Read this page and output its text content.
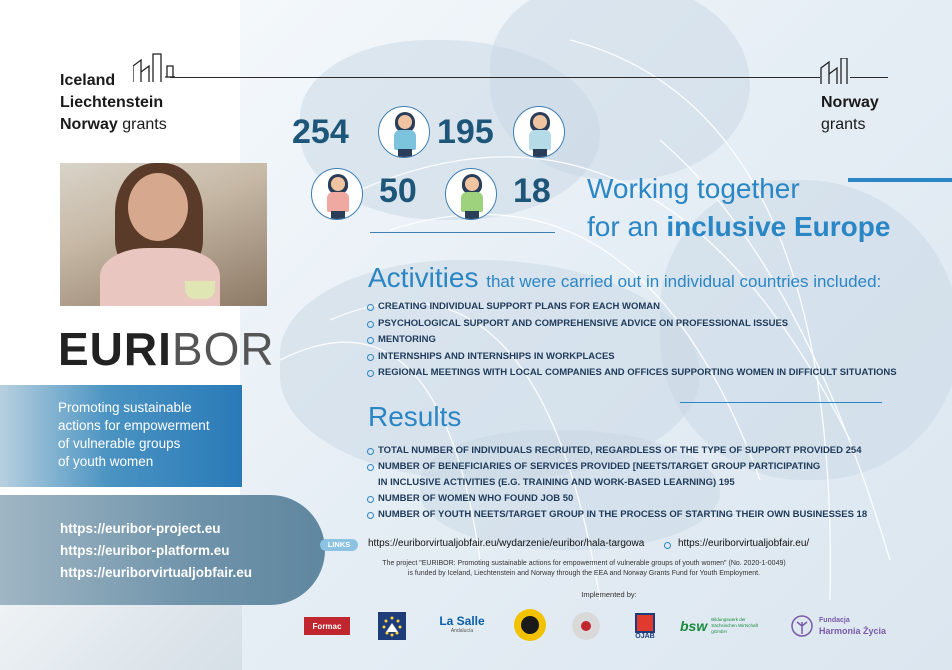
Iceland
Liechtenstein
Norway grants
Norway
grants
EURIBOR
Promoting sustainable
actions for empowerment
of vulnerable groups
of youth women
https://euribor-project.eu
https://euribor-platform.eu
https://euriborvirtualjobfair.eu
254	195
50	18 Working together
for an inclusive Europe
Activities that were carried out in individual countries included:
CREATING INDIVIDUAL SUPPORT PLANS FOR EACH WOMAN
PSYCHOLOGICAL SUPPORT AND COMPREHENSIVE ADVICE ON PROFESSIONAL ISSUES
MENTORING
INTERNSHIPS AND INTERNSHIPS IN WORKPLACES
REGIONAL MEETINGS WITH LOCAL COMPANIES AND OFFICES SUPPORTING WOMEN IN DIFFICULT SITUATIONS
Results
TOTAL NUMBER OF INDIVIDUALS RECRUITED, REGARDLESS OF THE TYPE OF SUPPORT PROVIDED 254
NUMBER OF BENEFICIARIES OF SERVICES PROVIDED [NEETS/TARGET GROUP PARTICIPATING
IN INCLUSIVE ACTIVITIES (E.G. TRAINING AND WORK-BASED LEARNING) 195
NUMBER OF WOMEN WHO FOUND JOB 50
NUMBER OF YOUTH NEETS/TARGET GROUP IN THE PROCESS OF STARTING THEIR OWN BUSINESSES 18
LINKS	https://euriborvirtualjobfair.eu/wydarzenie/euribor/hala-targowa	https://euriborvirtualjobfair.eu/
The project "EURIBOR: Promoting sustainable actions for empowerment of vulnerable groups of youth women" (No. 2020-1-0049)
is funded by Iceland, Liechtenstein and Norway through the EEA and Norway Grants Fund for Youth Employment.
Implemented by:
Formac	La Salle
Andalucía
OJAB
bsw Bildungswerk der Sächsischen Wirtschaft gGmbH
Fundacja
Harmonia Życia
